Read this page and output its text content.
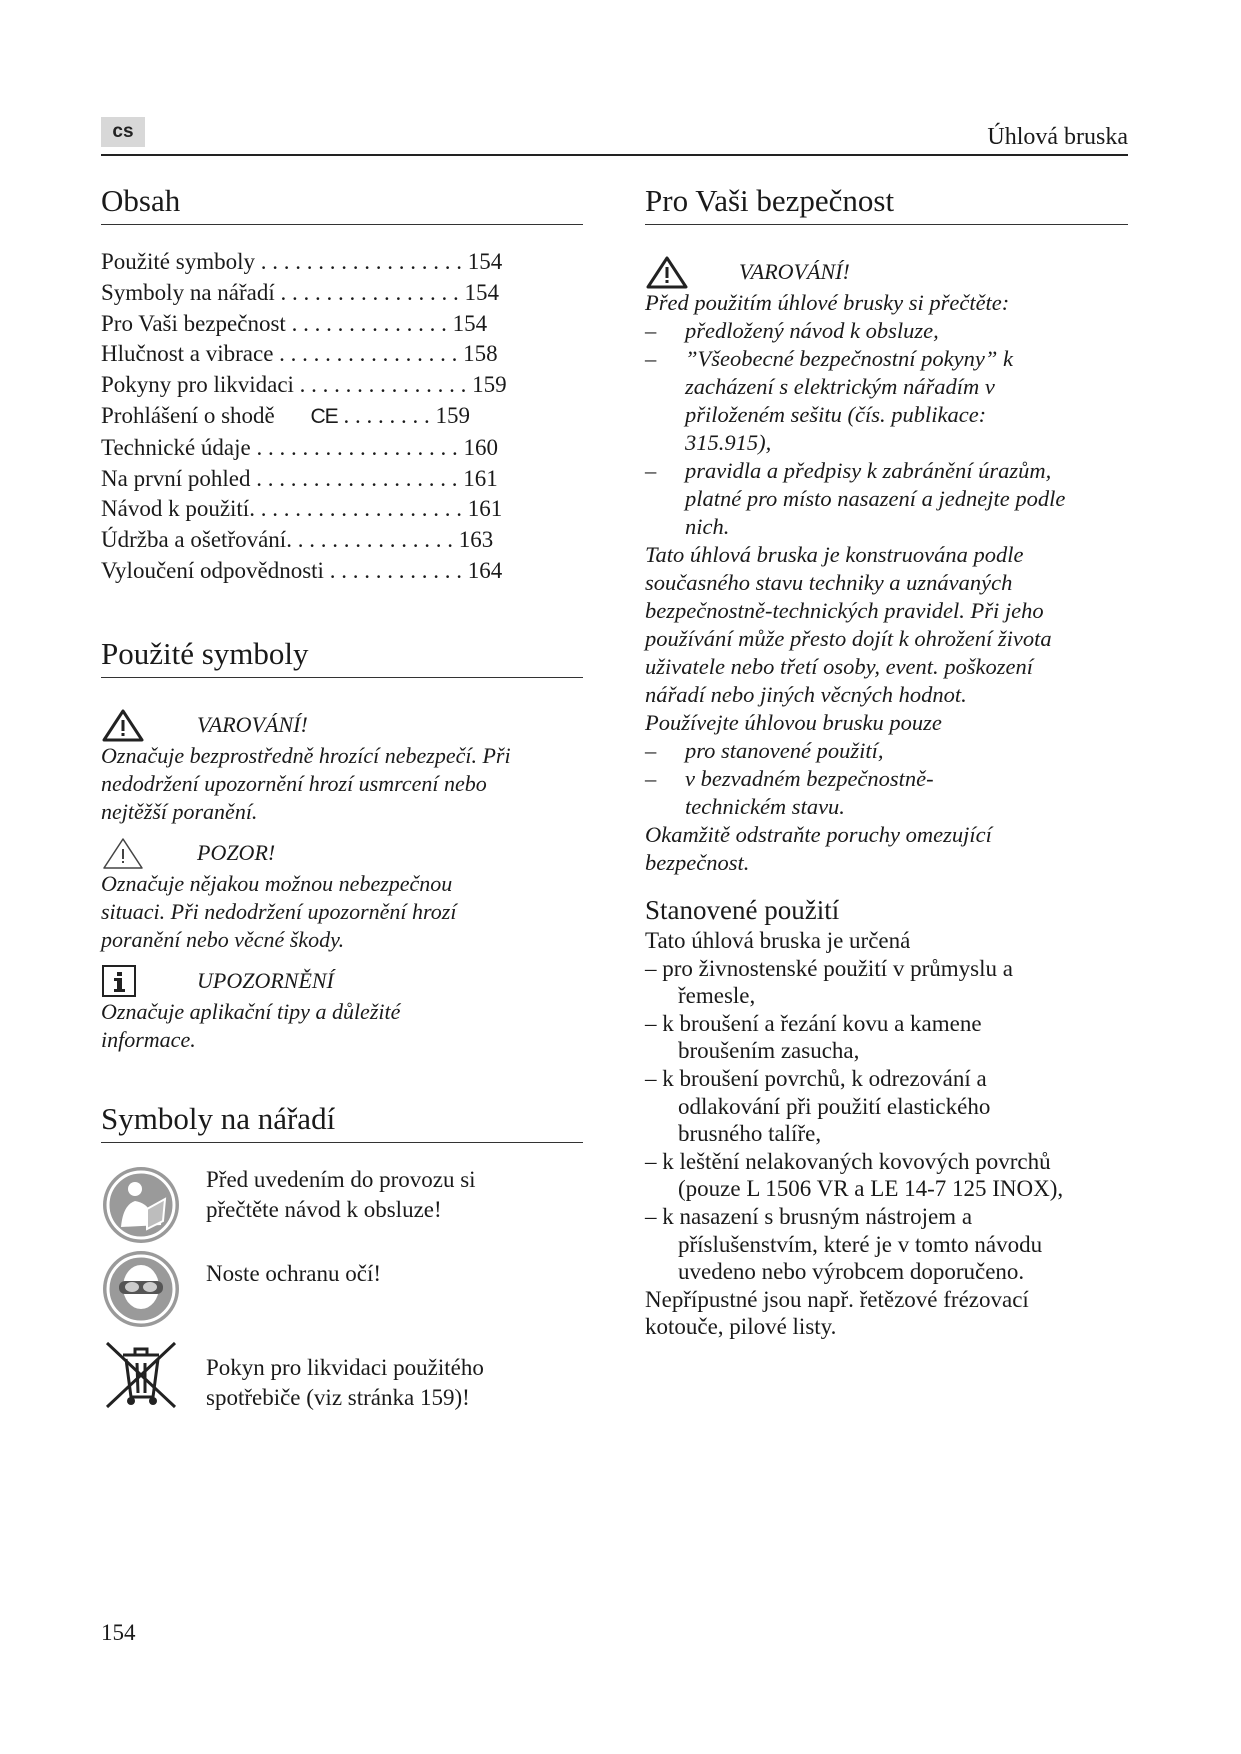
cs	Úhlová bruska
Obsah
Použité symboly . . . . . . . . . . . . . . . . . . 154
Symboly na nářadí . . . . . . . . . . . . . . . . 154
Pro Vaši bezpečnost . . . . . . . . . . . . . . 154
Hlučnost a vibrace . . . . . . . . . . . . . . . . 158
Pokyny pro likvidaci . . . . . . . . . . . . . . . 159
Prohlášení o shodě CE . . . . . . . . 159
Technické údaje . . . . . . . . . . . . . . . . . . 160
Na první pohled . . . . . . . . . . . . . . . . . . 161
Návod k použití. . . . . . . . . . . . . . . . . . . 161
Údržba a ošetřování. . . . . . . . . . . . . . . 163
Vyloučení odpovědnosti . . . . . . . . . . . . 164
Použité symboly
VAROVÁNÍ!
Označuje bezprostředně hrozící nebezpečí. Při nedodržení upozornění hrozí usmrcení nebo nejtěžší poranění.
POZOR!
Označuje nějakou možnou nebezpečnou situaci. Při nedodržení upozornění hrozí poranění nebo věcné škody.
UPOZORNĚNÍ
Označuje aplikační tipy a důležité informace.
Symboly na nářadí
Před uvedením do provozu si přečtěte návod k obsluze!
Noste ochranu očí!
Pokyn pro likvidaci použitého spotřebiče (viz stránka 159)!
Pro Vaši bezpečnost
VAROVÁNÍ!
Před použitím úhlové brusky si přečtěte:
–	předložený návod k obsluze,
–	”Všeobecné bezpečnostní pokyny” k zacházení s elektrickým nářadím v přiloženém sešitu (čís. publikace: 315.915),
–	pravidla a předpisy k zabránění úrazům, platné pro místo nasazení a jednejte podle nich.
Tato úhlová bruska je konstruována podle současného stavu techniky a uznávaných bezpečnostně-technických pravidel. Při jeho používání může přesto dojít k ohrožení života uživatele nebo třetí osoby, event. poškození nářadí nebo jiných věcných hodnot.
Používejte úhlovou brusku pouze
–	pro stanovené použití,
–	v bezvadném bezpečnostně-technickém stavu.
Okamžitě odstraňte poruchy omezující bezpečnost.
Stanovené použití
Tato úhlová bruska je určená
– pro živnostenské použití v průmyslu a řemesle,
– k broušení a řezání kovu a kamene broušením zasucha,
– k broušení povrchů, k odrezování a odlakování při použití elastického brusného talíře,
– k leštění nelakovaných kovových povrchů (pouze L 1506 VR a LE 14-7 125 INOX),
– k nasazení s brusným nástrojem a příslušenstvím, které je v tomto návodu uvedeno nebo výrobcem doporučeno.
Nepřípustné jsou např. řetězové frézovací kotouče, pilové listy.
154
